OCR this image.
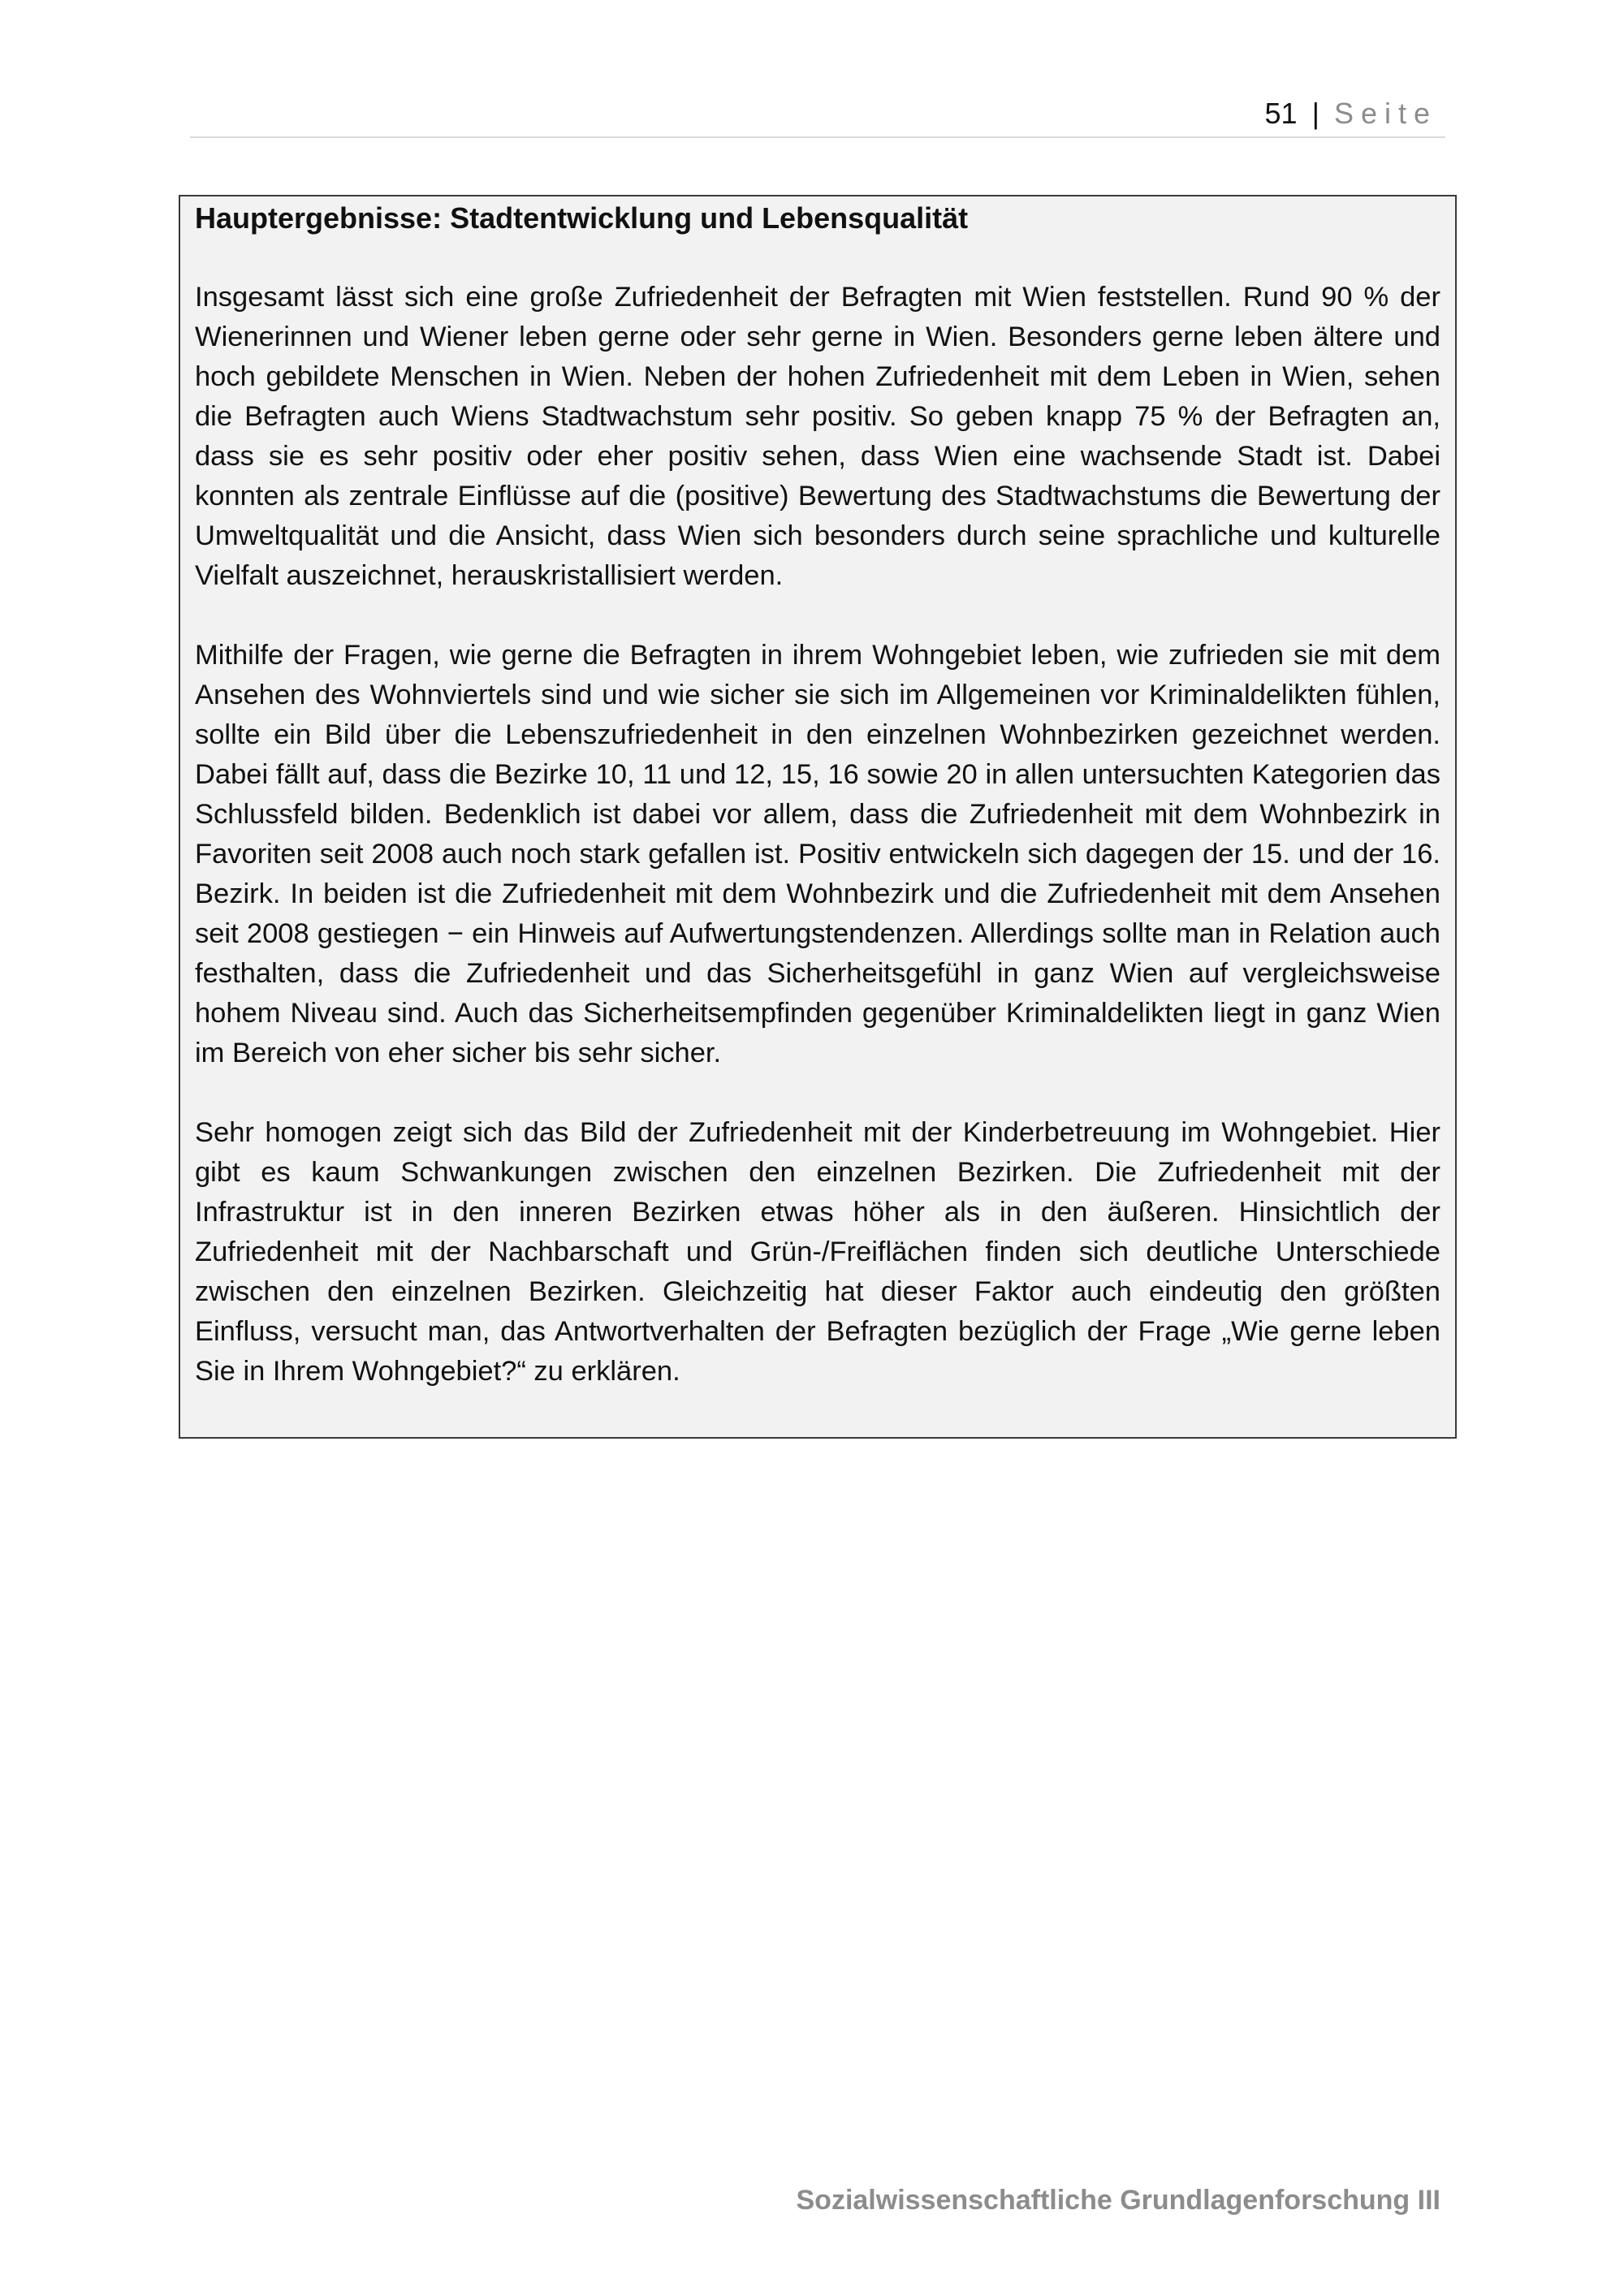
51 | Seite
Hauptergebnisse: Stadtentwicklung und Lebensqualität

Insgesamt lässt sich eine große Zufriedenheit der Befragten mit Wien feststellen. Rund 90 % der Wienerinnen und Wiener leben gerne oder sehr gerne in Wien. Besonders gerne leben ältere und hoch gebildete Menschen in Wien. Neben der hohen Zufriedenheit mit dem Leben in Wien, sehen die Befragten auch Wiens Stadtwachstum sehr positiv. So geben knapp 75 % der Befragten an, dass sie es sehr positiv oder eher positiv sehen, dass Wien eine wachsende Stadt ist. Dabei konnten als zentrale Einflüsse auf die (positive) Bewertung des Stadtwachstums die Bewertung der Umweltqualität und die Ansicht, dass Wien sich besonders durch seine sprachliche und kulturelle Vielfalt auszeichnet, herauskristallisiert werden.

Mithilfe der Fragen, wie gerne die Befragten in ihrem Wohngebiet leben, wie zufrieden sie mit dem Ansehen des Wohnviertels sind und wie sicher sie sich im Allgemeinen vor Kriminaldelikten fühlen, sollte ein Bild über die Lebenszufriedenheit in den einzelnen Wohnbezirken gezeichnet werden. Dabei fällt auf, dass die Bezirke 10, 11 und 12, 15, 16 sowie 20 in allen untersuchten Kategorien das Schlussfeld bilden. Bedenklich ist dabei vor allem, dass die Zufriedenheit mit dem Wohnbezirk in Favoriten seit 2008 auch noch stark gefallen ist. Positiv entwickeln sich dagegen der 15. und der 16. Bezirk. In beiden ist die Zufriedenheit mit dem Wohnbezirk und die Zufriedenheit mit dem Ansehen seit 2008 gestiegen − ein Hinweis auf Aufwertungstendenzen. Allerdings sollte man in Relation auch festhalten, dass die Zufriedenheit und das Sicherheitsgefühl in ganz Wien auf vergleichsweise hohem Niveau sind. Auch das Sicherheitsempfinden gegenüber Kriminaldelikten liegt in ganz Wien im Bereich von eher sicher bis sehr sicher.

Sehr homogen zeigt sich das Bild der Zufriedenheit mit der Kinderbetreuung im Wohngebiet. Hier gibt es kaum Schwankungen zwischen den einzelnen Bezirken. Die Zufriedenheit mit der Infrastruktur ist in den inneren Bezirken etwas höher als in den äußeren. Hinsichtlich der Zufriedenheit mit der Nachbarschaft und Grün-/Freiflächen finden sich deutliche Unterschiede zwischen den einzelnen Bezirken. Gleichzeitig hat dieser Faktor auch eindeutig den größten Einfluss, versucht man, das Antwortverhalten der Befragten bezüglich der Frage „Wie gerne leben Sie in Ihrem Wohngebiet?“ zu erklären.

Sozialwissenschaftliche Grundlagenforschung III
